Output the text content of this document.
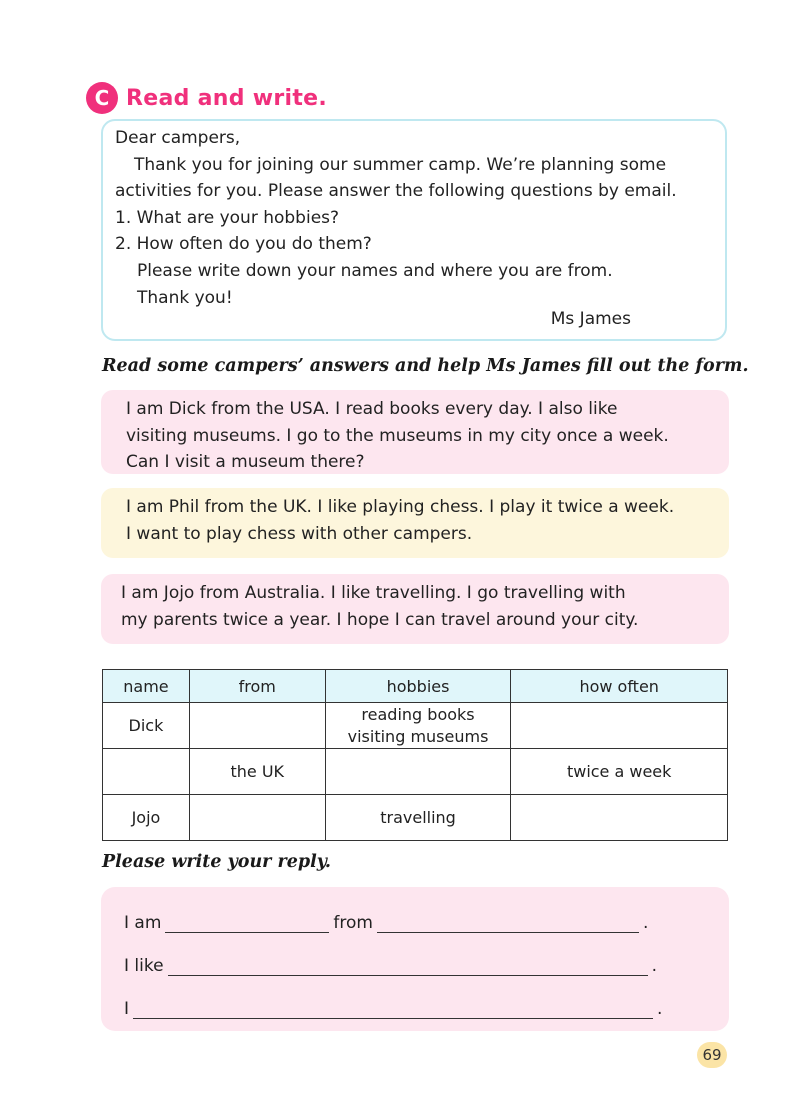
C Read and write.
Dear campers,
Thank you for joining our summer camp. We’re planning some
activities for you. Please answer the following questions by email.
1. What are your hobbies?
2. How often do you do them?
Please write down your names and where you are from.
Thank you!
Ms James
Read some campers’ answers and help Ms James fill out the form.
I am Dick from the USA. I read books every day. I also like
visiting museums. I go to the museums in my city once a week.
Can I visit a museum there?
I am Phil from the UK. I like playing chess. I play it twice a week.
I want to play chess with other campers.
I am Jojo from Australia. I like travelling. I go travelling with
my parents twice a year. I hope I can travel around your city.
name	from	hobbies	how often
Dick		reading books
visiting museums	
	the UK		twice a week
Jojo		travelling	
Please write your reply.
I am	from	.
I like	.
I	.
69
